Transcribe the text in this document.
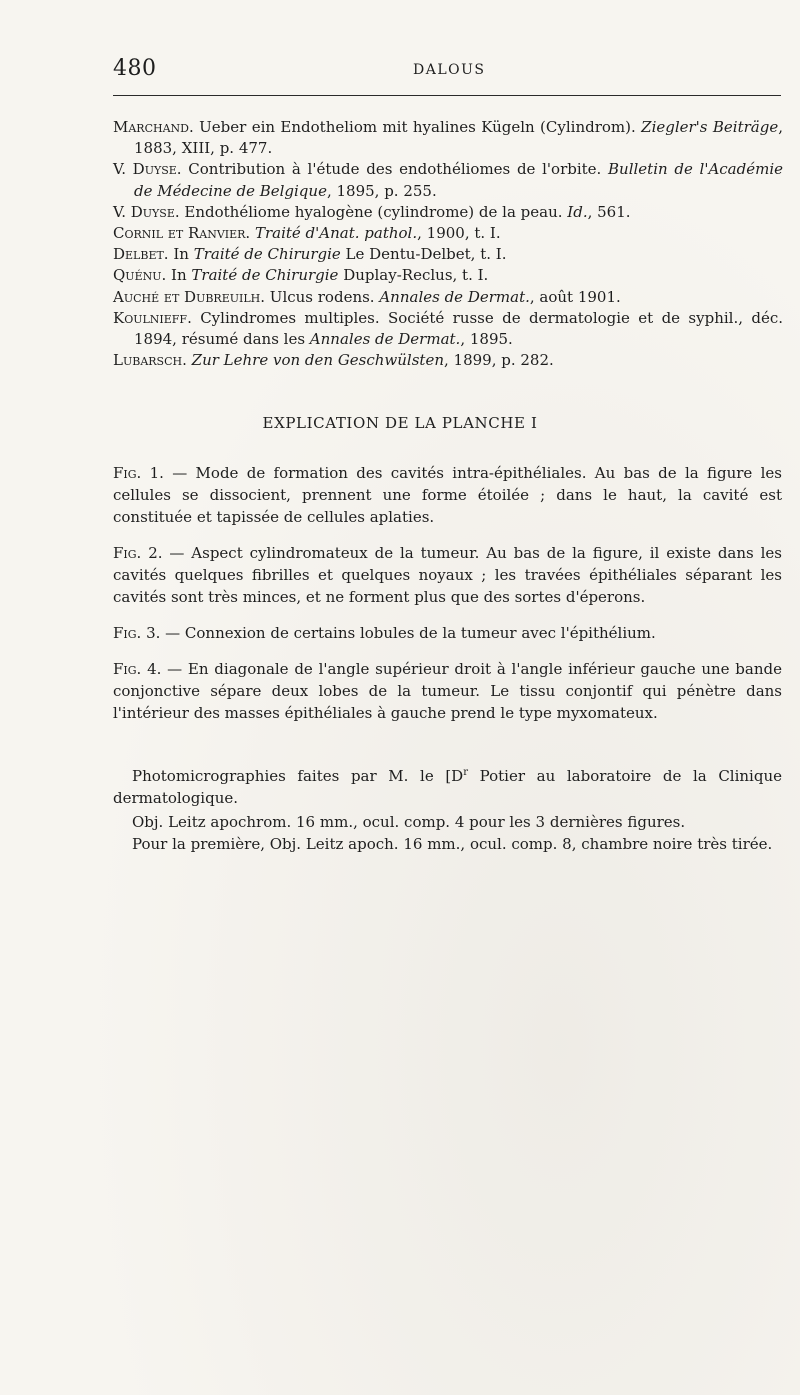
480	DALOUS
Marchand. Ueber ein Endotheliom mit hyalines Kügeln (Cylindrom). Ziegler's Beiträge, 1883, XIII, p. 477.
V. Duyse. Contribution à l'étude des endothéliomes de l'orbite. Bulletin de l'Académie de Médecine de Belgique, 1895, p. 255.
V. Duyse. Endothéliome hyalogène (cylindrome) de la peau. Id., 561.
Cornil et Ranvier. Traité d'Anat. pathol., 1900, t. I.
Delbet. In Traité de Chirurgie Le Dentu-Delbet, t. I.
Quénu. In Traité de Chirurgie Duplay-Reclus, t. I.
Auché et Dubreuilh. Ulcus rodens. Annales de Dermat., août 1901.
Koulnieff. Cylindromes multiples. Société russe de dermatologie et de syphil., déc. 1894, résumé dans les Annales de Dermat., 1895.
Lubarsch. Zur Lehre von den Geschwülsten, 1899, p. 282.
EXPLICATION DE LA PLANCHE I

Fig. 1. — Mode de formation des cavités intra-épithéliales. Au bas de la figure les cellules se dissocient, prennent une forme étoilée ; dans le haut, la cavité est constituée et tapissée de cellules aplaties.

Fig. 2. — Aspect cylindromateux de la tumeur. Au bas de la figure, il existe dans les cavités quelques fibrilles et quelques noyaux ; les travées épithéliales séparant les cavités sont très minces, et ne forment plus que des sortes d'éperons.

Fig. 3. — Connexion de certains lobules de la tumeur avec l'épithélium.

Fig. 4. — En diagonale de l'angle supérieur droit à l'angle inférieur gauche une bande conjonctive sépare deux lobes de la tumeur. Le tissu conjontif qui pénètre dans l'intérieur des masses épithéliales à gauche prend le type myxomateux.

Photomicrographies faites par M. le [$D^r$ Potier au laboratoire de la Clinique dermatologique.

Obj. Leitz apochrom. 16 mm., ocul. comp. 4 pour les 3 dernières figures.

Pour la première, Obj. Leitz apoch. 16 mm., ocul. comp. 8, chambre noire très tirée.
